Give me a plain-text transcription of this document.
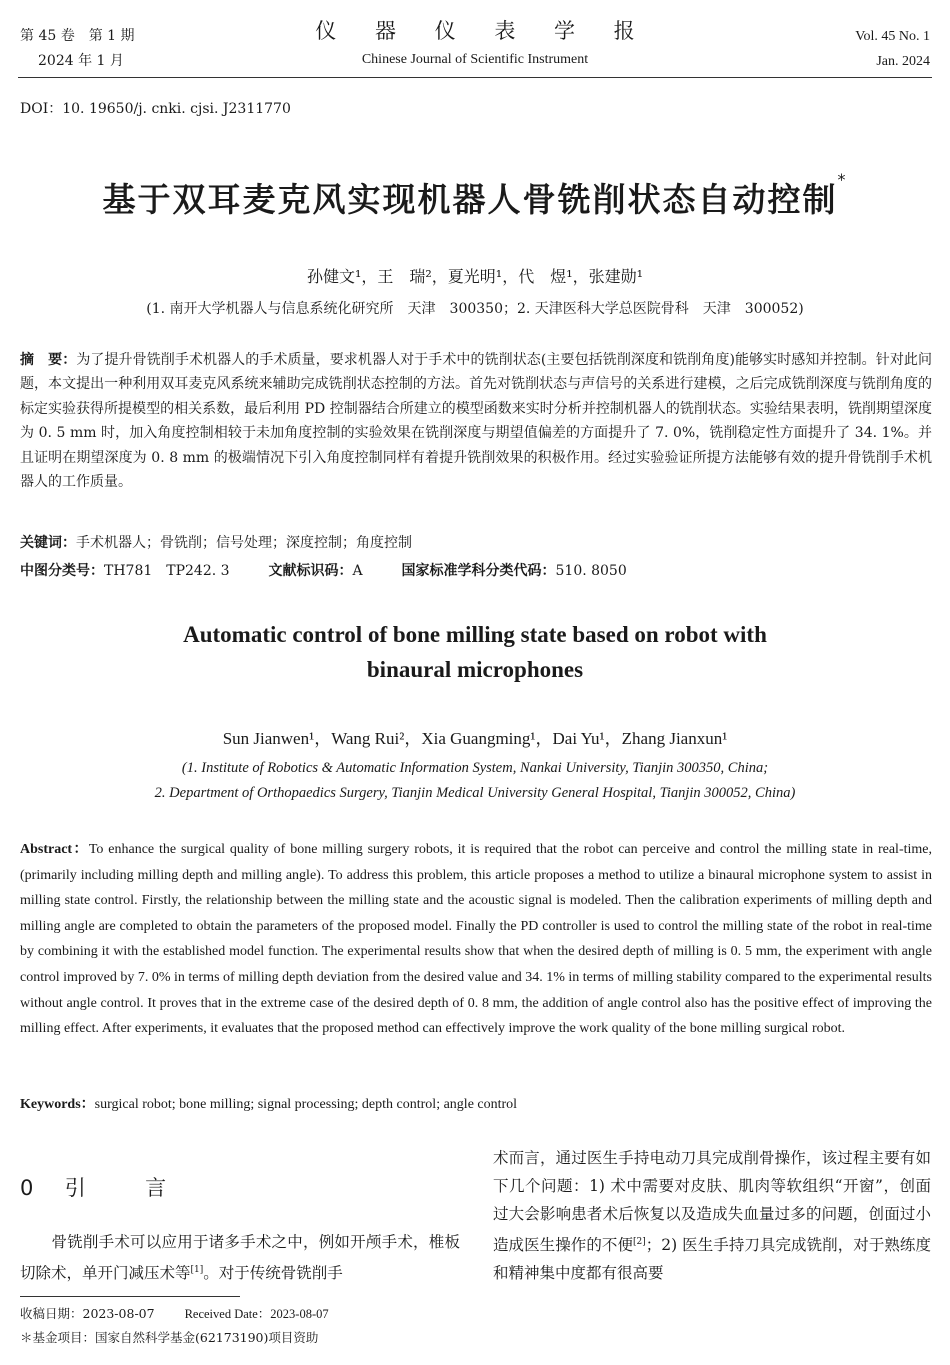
第 45 卷　第 1 期
2024 年 1 月
仪 器 仪 表 学 报
Chinese Journal of Scientific Instrument
Vol. 45 No. 1
Jan. 2024
DOI：10. 19650/j. cnki. cjsi. J2311770
基于双耳麦克风实现机器人骨铣削状态自动控制*
孙健文¹，王　瑞²，夏光明¹，代　煜¹，张建勋¹
(1. 南开大学机器人与信息系统化研究所　天津　300350；2. 天津医科大学总医院骨科　天津　300052)
摘　要：为了提升骨铣削手术机器人的手术质量，要求机器人对于手术中的铣削状态(主要包括铣削深度和铣削角度)能够实时感知并控制。针对此问题，本文提出一种利用双耳麦克风系统来辅助完成铣削状态控制的方法。首先对铣削状态与声信号的关系进行建模，之后完成铣削深度与铣削角度的标定实验获得所提模型的相关系数，最后利用 PD 控制器结合所建立的模型函数来实时分析并控制机器人的铣削状态。实验结果表明，铣削期望深度为 0. 5 mm 时，加入角度控制相较于未加角度控制的实验效果在铣削深度与期望值偏差的方面提升了 7. 0%，铣削稳定性方面提升了 34. 1%。并且证明在期望深度为 0. 8 mm 的极端情况下引入角度控制同样有着提升铣削效果的积极作用。经过实验验证所提方法能够有效的提升骨铣削手术机器人的工作质量。
关键词：手术机器人；骨铣削；信号处理；深度控制；角度控制
中图分类号：TH781　TP242. 3	文献标识码：A	国家标准学科分类代码：510. 8050
Automatic control of bone milling state based on robot with
binaural microphones
Sun Jianwen¹，Wang Rui²，Xia Guangming¹，Dai Yu¹，Zhang Jianxun¹
(1. Institute of Robotics & Automatic Information System, Nankai University, Tianjin 300350, China;
2. Department of Orthopaedics Surgery, Tianjin Medical University General Hospital, Tianjin 300052, China)
Abstract：To enhance the surgical quality of bone milling surgery robots, it is required that the robot can perceive and control the milling state in real-time, (primarily including milling depth and milling angle). To address this problem, this article proposes a method to utilize a binaural microphone system to assist in milling state control. Firstly, the relationship between the milling state and the acoustic signal is modeled. Then the calibration experiments of milling depth and milling angle are completed to obtain the parameters of the proposed model. Finally the PD controller is used to control the milling state of the robot in real-time by combining it with the established model function. The experimental results show that when the desired depth of milling is 0. 5 mm, the experiment with angle control improved by 7. 0% in terms of milling depth deviation from the desired value and 34. 1% in terms of milling stability compared to the experimental results without angle control. It proves that in the extreme case of the desired depth of 0. 8 mm, the addition of angle control also has the positive effect of improving the milling effect. After experiments, it evaluates that the proposed method can effectively improve the work quality of the bone milling surgical robot.
Keywords：surgical robot; bone milling; signal processing; depth control; angle control
0 引	言
　　骨铣削手术可以应用于诸多手术之中，例如开颅手术，椎板切除术，单开门减压术等[1]。对于传统骨铣削手
术而言，通过医生手持电动刀具完成削骨操作，该过程主要有如下几个问题：1) 术中需要对皮肤、肌肉等软组织“开窗”，创面过大会影响患者术后恢复以及造成失血量过多的问题，创面过小造成医生操作的不便[2]；2) 医生手持刀具完成铣削，对于熟练度和精神集中度都有很高要
收稿日期：2023-08-07 Received Date：2023-08-07
＊基金项目：国家自然科学基金(62173190)项目资助
